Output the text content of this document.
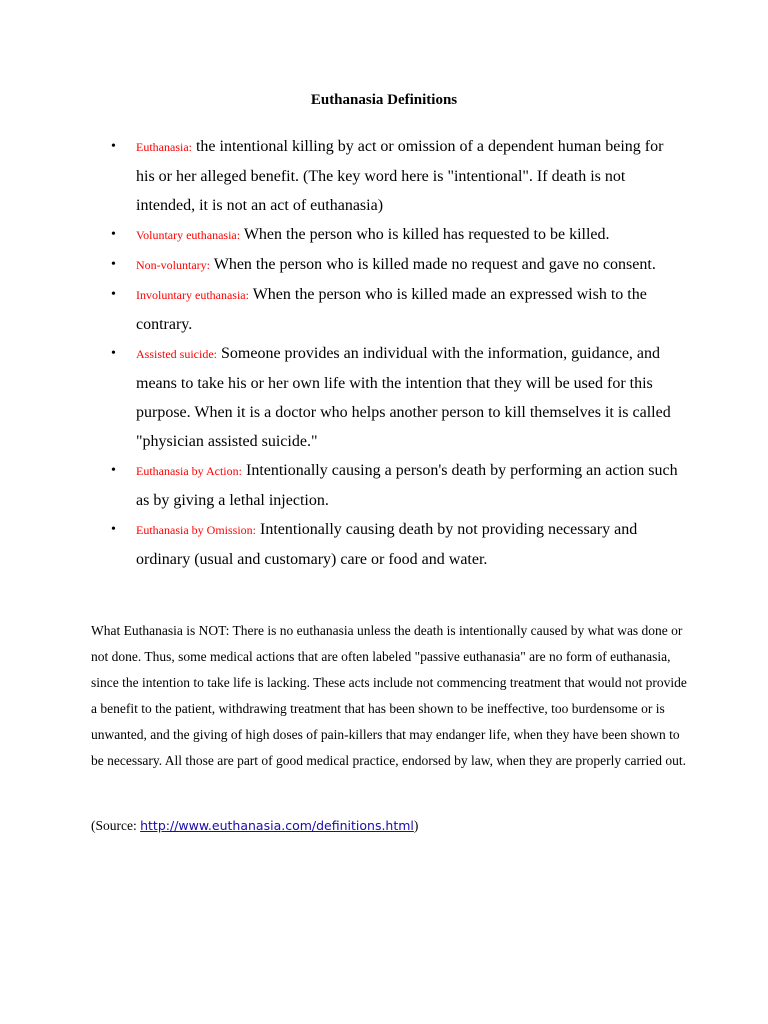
Euthanasia Definitions
• Euthanasia: the intentional killing by act or omission of a dependent human being for his or her alleged benefit. (The key word here is "intentional". If death is not intended, it is not an act of euthanasia)
• Voluntary euthanasia: When the person who is killed has requested to be killed.
• Non-voluntary: When the person who is killed made no request and gave no consent.
• Involuntary euthanasia: When the person who is killed made an expressed wish to the contrary.
• Assisted suicide: Someone provides an individual with the information, guidance, and means to take his or her own life with the intention that they will be used for this purpose. When it is a doctor who helps another person to kill themselves it is called "physician assisted suicide."
• Euthanasia by Action: Intentionally causing a person's death by performing an action such as by giving a lethal injection.
• Euthanasia by Omission: Intentionally causing death by not providing necessary and ordinary (usual and customary) care or food and water.

What Euthanasia is NOT: There is no euthanasia unless the death is intentionally caused by what was done or not done. Thus, some medical actions that are often labeled "passive euthanasia" are no form of euthanasia, since the intention to take life is lacking. These acts include not commencing treatment that would not provide a benefit to the patient, withdrawing treatment that has been shown to be ineffective, too burdensome or is unwanted, and the giving of high doses of pain-killers that may endanger life, when they have been shown to be necessary. All those are part of good medical practice, endorsed by law, when they are properly carried out.

(Source: http://www.euthanasia.com/definitions.html)
